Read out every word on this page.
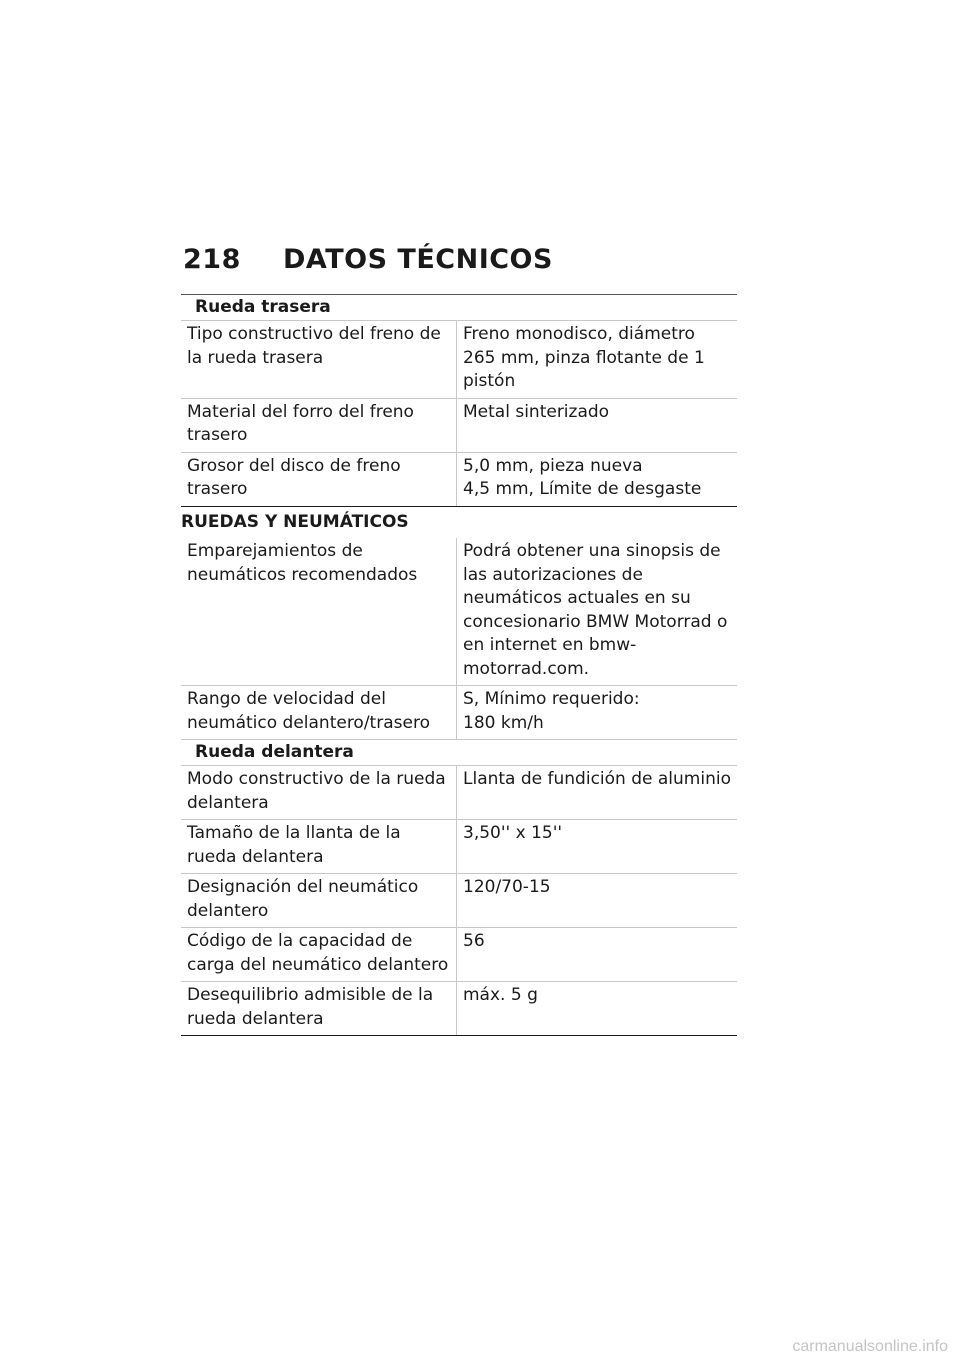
218 DATOS TÉCNICOS
Rueda trasera
Tipo constructivo del freno de la rueda trasera
Freno monodisco, diámetro 265 mm, pinza flotante de 1 pistón
Material del forro del freno trasero
Metal sinterizado
Grosor del disco de freno trasero
5,0 mm, pieza nueva
4,5 mm, Límite de desgaste
RUEDAS Y NEUMÁTICOS
Emparejamientos de neumáticos recomendados
Podrá obtener una sinopsis de las autorizaciones de neumáticos actuales en su concesionario BMW Motorrad o en internet en bmw-motorrad.com.
Rango de velocidad del neumático delantero/trasero
S, Mínimo requerido:
180 km/h
Rueda delantera
Modo constructivo de la rueda delantera
Llanta de fundición de aluminio
Tamaño de la llanta de la rueda delantera
3,50'' x 15''
Designación del neumático delantero
120/70-15
Código de la capacidad de carga del neumático delantero
56
Desequilibrio admisible de la rueda delantera
máx. 5 g
carmanualsonline.info
